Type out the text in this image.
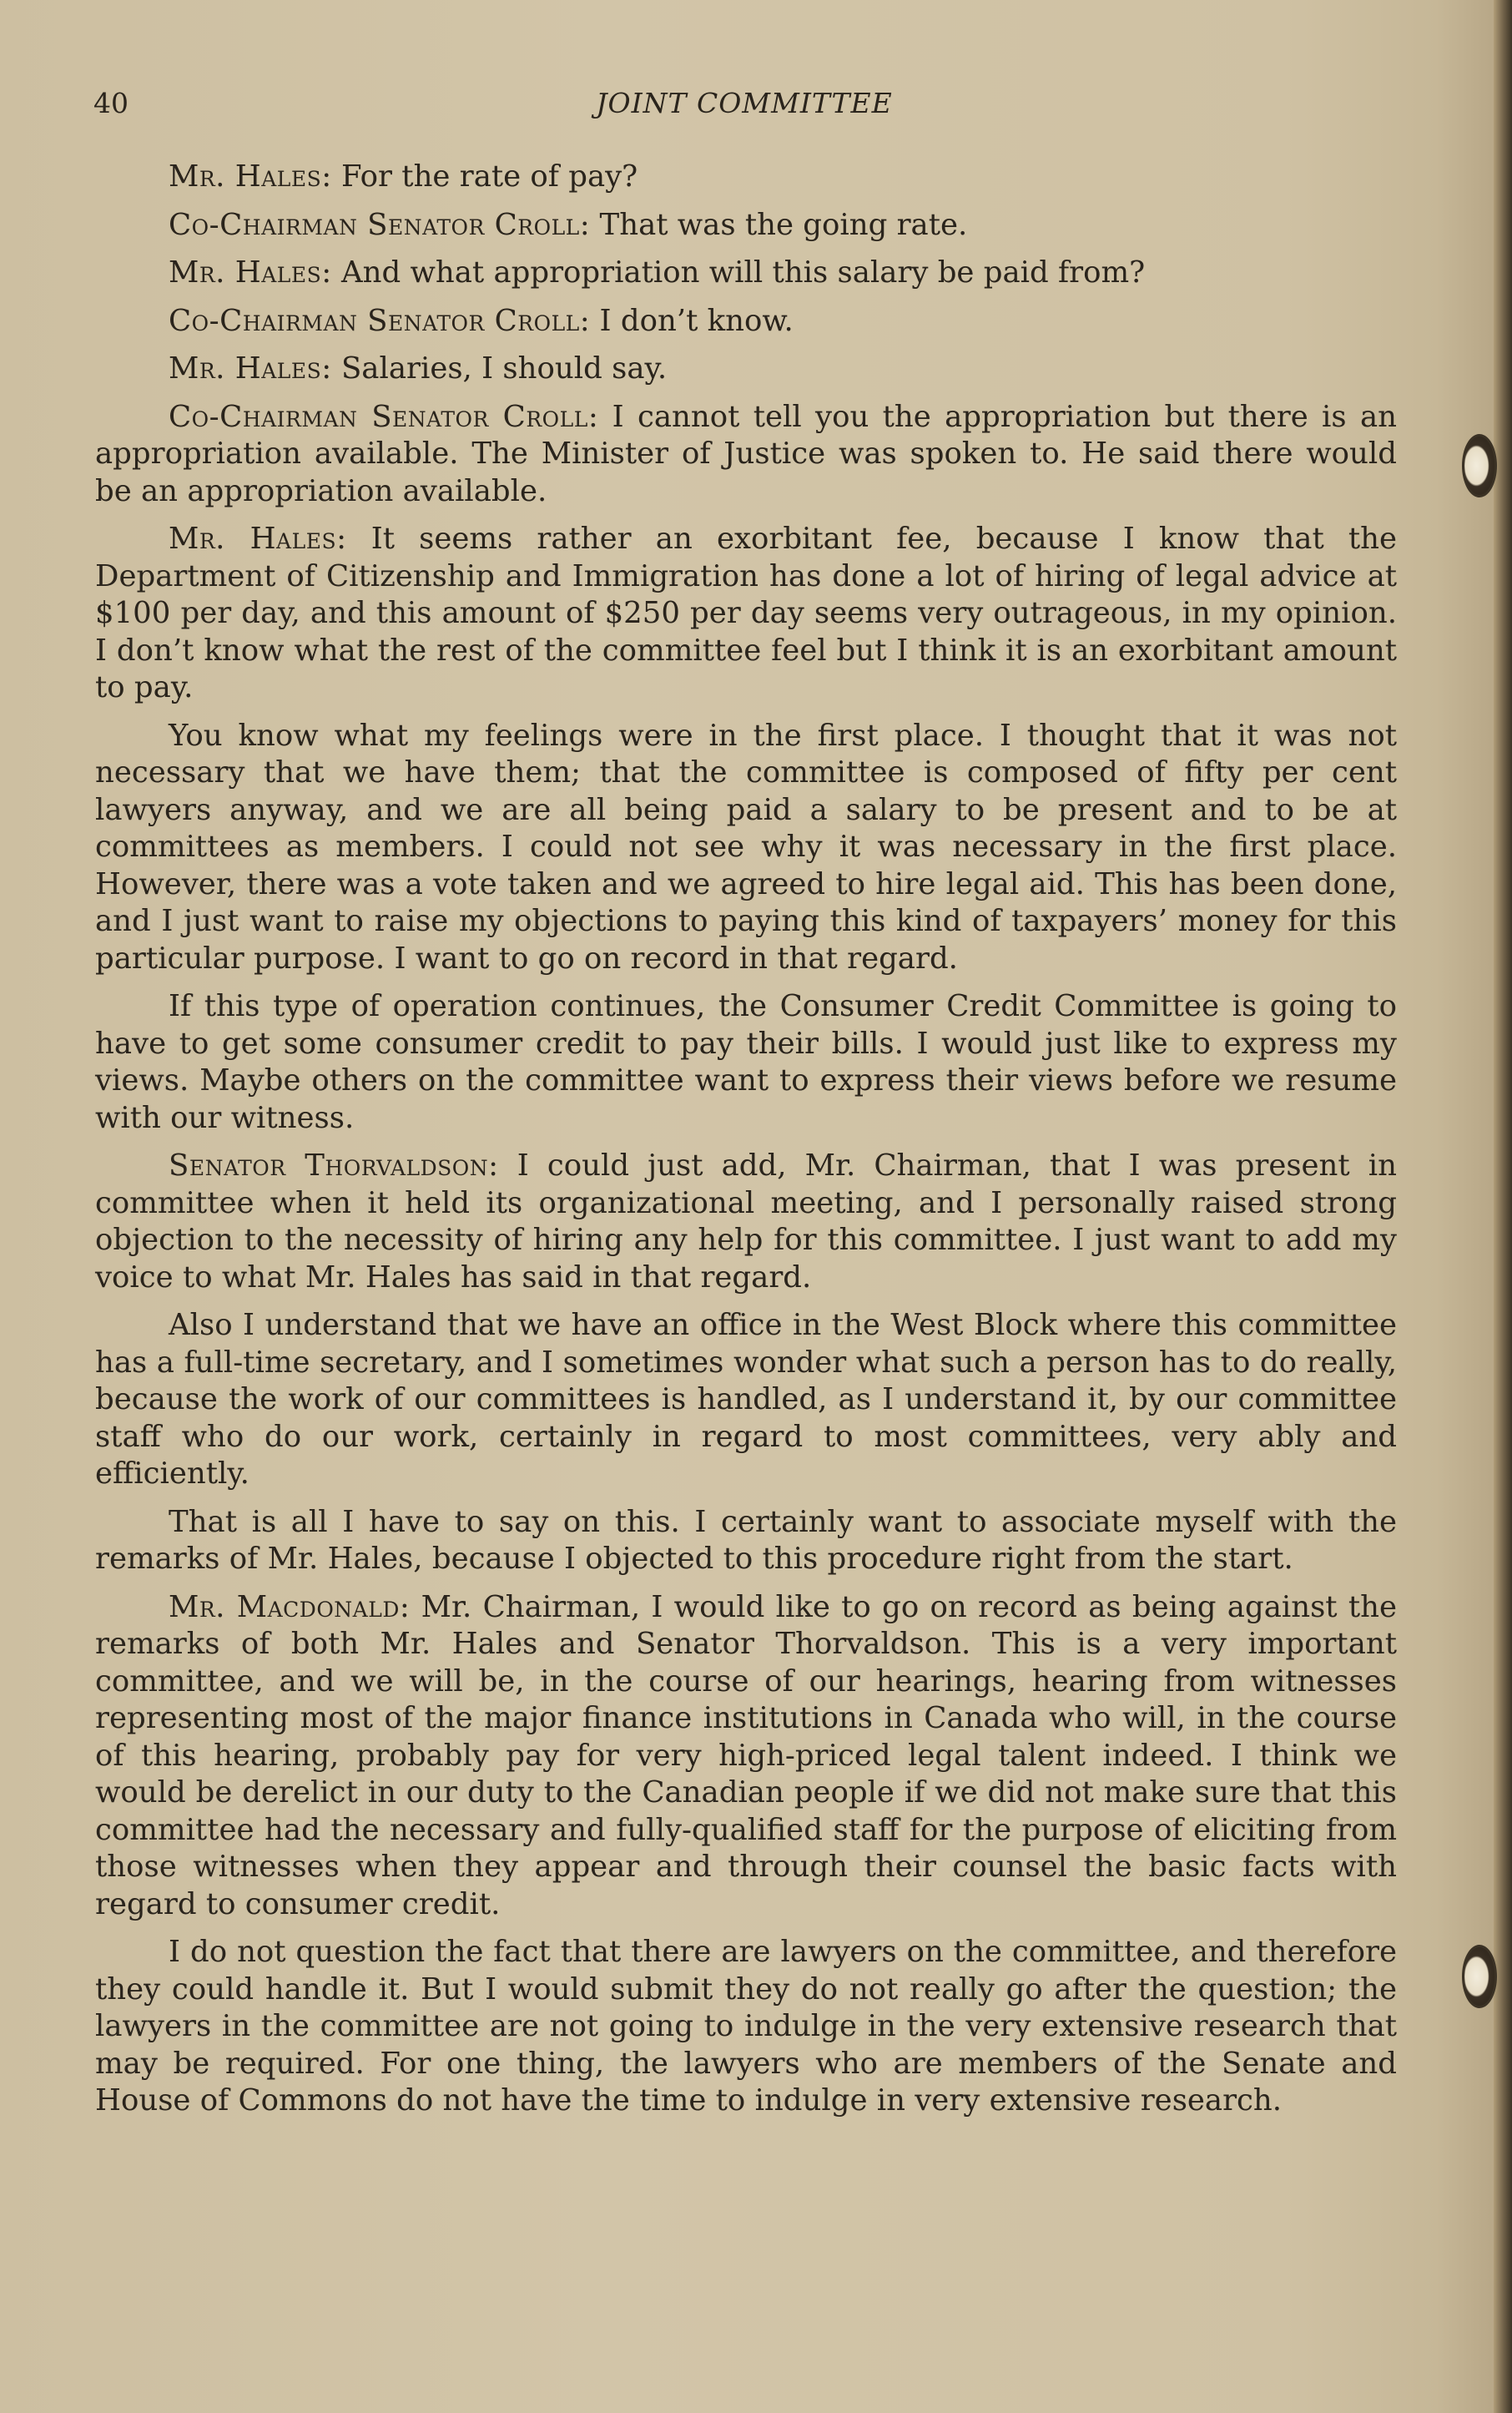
40	JOINT COMMITTEE

Mr. Hales: For the rate of pay?

Co-Chairman Senator Croll: That was the going rate.

Mr. Hales: And what appropriation will this salary be paid from?

Co-Chairman Senator Croll: I don’t know.

Mr. Hales: Salaries, I should say.

Co-Chairman Senator Croll: I cannot tell you the appropriation but there is an appropriation available. The Minister of Justice was spoken to. He said there would be an appropriation available.

Mr. Hales: It seems rather an exorbitant fee, because I know that the Department of Citizenship and Immigration has done a lot of hiring of legal advice at $100 per day, and this amount of $250 per day seems very outrageous, in my opinion. I don’t know what the rest of the committee feel but I think it is an exorbitant amount to pay.

You know what my feelings were in the first place. I thought that it was not necessary that we have them; that the committee is composed of fifty per cent lawyers anyway, and we are all being paid a salary to be present and to be at committees as members. I could not see why it was necessary in the first place. However, there was a vote taken and we agreed to hire legal aid. This has been done, and I just want to raise my objections to paying this kind of taxpayers’ money for this particular purpose. I want to go on record in that regard.

If this type of operation continues, the Consumer Credit Committee is going to have to get some consumer credit to pay their bills. I would just like to express my views. Maybe others on the committee want to express their views before we resume with our witness.

Senator Thorvaldson: I could just add, Mr. Chairman, that I was present in committee when it held its organizational meeting, and I personally raised strong objection to the necessity of hiring any help for this committee. I just want to add my voice to what Mr. Hales has said in that regard.

Also I understand that we have an office in the West Block where this committee has a full-time secretary, and I sometimes wonder what such a person has to do really, because the work of our committees is handled, as I understand it, by our committee staff who do our work, certainly in regard to most committees, very ably and efficiently.

That is all I have to say on this. I certainly want to associate myself with the remarks of Mr. Hales, because I objected to this procedure right from the start.

Mr. Macdonald: Mr. Chairman, I would like to go on record as being against the remarks of both Mr. Hales and Senator Thorvaldson. This is a very important committee, and we will be, in the course of our hearings, hearing from witnesses representing most of the major finance institutions in Canada who will, in the course of this hearing, probably pay for very high-priced legal talent indeed. I think we would be derelict in our duty to the Canadian people if we did not make sure that this committee had the necessary and fully-qualified staff for the purpose of eliciting from those witnesses when they appear and through their counsel the basic facts with regard to consumer credit.

I do not question the fact that there are lawyers on the committee, and therefore they could handle it. But I would submit they do not really go after the question; the lawyers in the committee are not going to indulge in the very extensive research that may be required. For one thing, the lawyers who are members of the Senate and House of Commons do not have the time to indulge in very extensive research.
